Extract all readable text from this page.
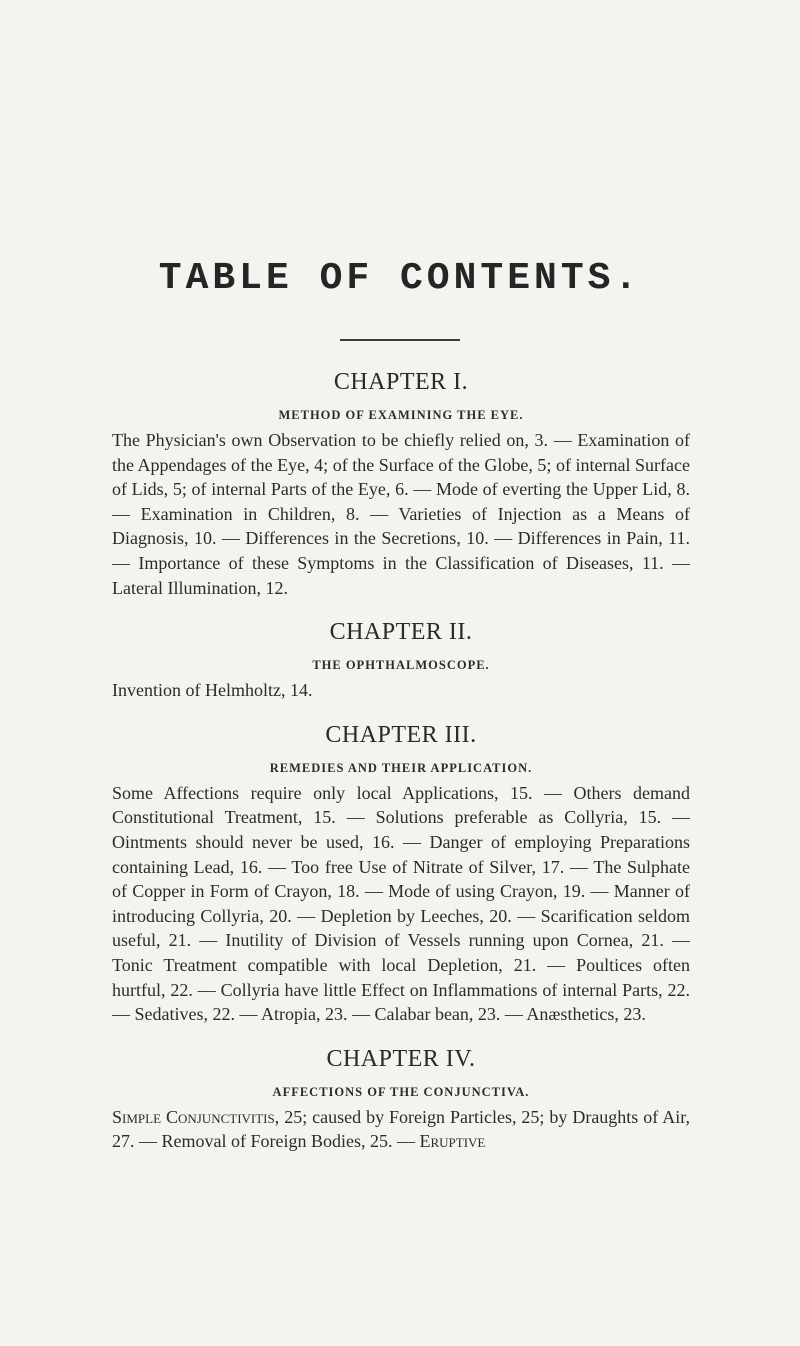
TABLE OF CONTENTS.
CHAPTER I.
METHOD OF EXAMINING THE EYE.

The Physician's own Observation to be chiefly relied on, 3. — Examination of the Appendages of the Eye, 4; of the Surface of the Globe, 5; of internal Surface of Lids, 5; of internal Parts of the Eye, 6. — Mode of everting the Upper Lid, 8. — Examination in Children, 8. — Varieties of Injection as a Means of Diagnosis, 10. — Differences in the Secretions, 10. — Differences in Pain, 11. — Importance of these Symptoms in the Classification of Diseases, 11. — Lateral Illumination, 12.

CHAPTER II.
THE OPHTHALMOSCOPE.

Invention of Helmholtz, 14.

CHAPTER III.
REMEDIES AND THEIR APPLICATION.

Some Affections require only local Applications, 15. — Others demand Constitutional Treatment, 15. — Solutions preferable as Collyria, 15. — Ointments should never be used, 16. — Danger of employing Preparations containing Lead, 16. — Too free Use of Nitrate of Silver, 17. — The Sulphate of Copper in Form of Crayon, 18. — Mode of using Crayon, 19. — Manner of introducing Collyria, 20. — Depletion by Leeches, 20. — Scarification seldom useful, 21. — Inutility of Division of Vessels running upon Cornea, 21. — Tonic Treatment compatible with local Depletion, 21. — Poultices often hurtful, 22. — Collyria have little Effect on Inflammations of internal Parts, 22. — Sedatives, 22. — Atropia, 23. — Calabar bean, 23. — Anæsthetics, 23.

CHAPTER IV.
AFFECTIONS OF THE CONJUNCTIVA.

Simple Conjunctivitis, 25; caused by Foreign Particles, 25; by Draughts of Air, 27. — Removal of Foreign Bodies, 25. — Eruptive
